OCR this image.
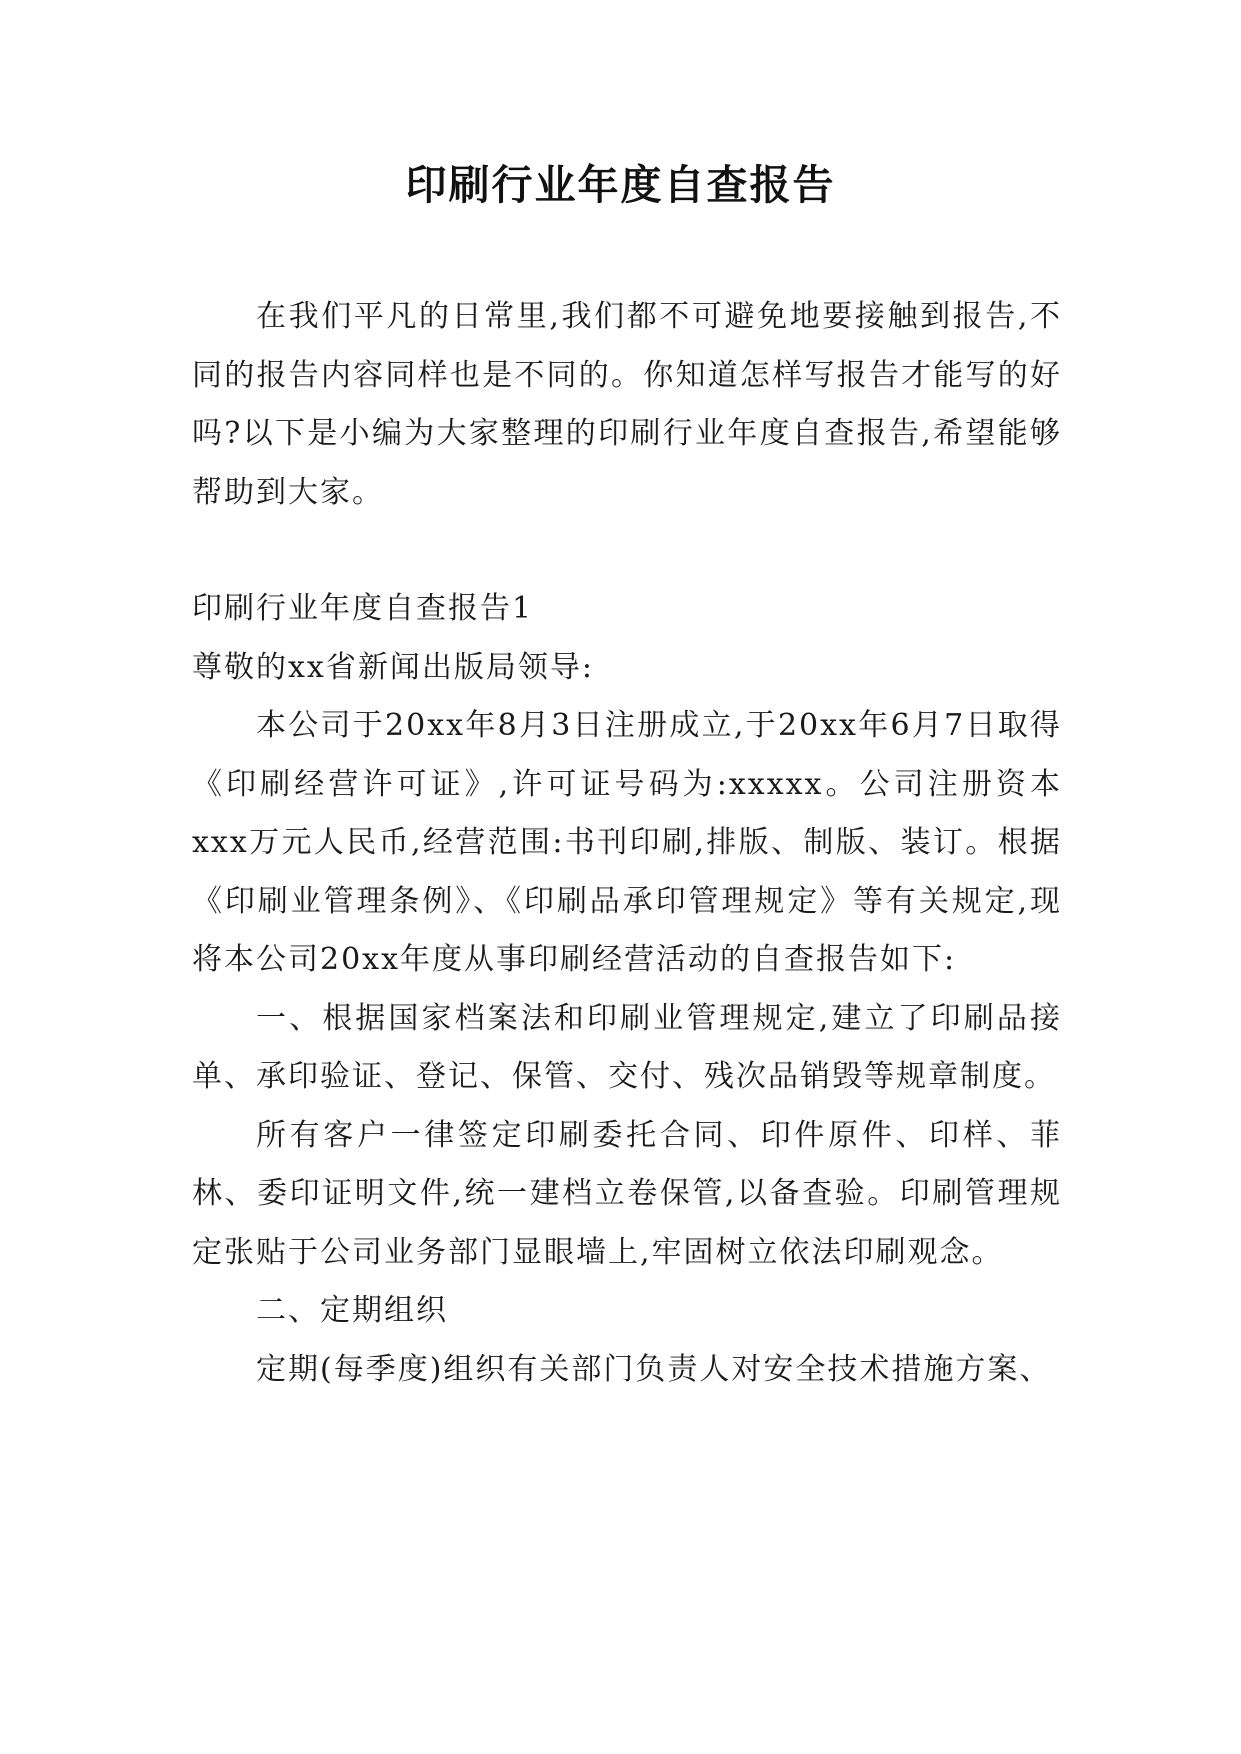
印刷行业年度自查报告

在我们平凡的日常里,我们都不可避免地要接触到报告,不同的报告内容同样也是不同的。你知道怎样写报告才能写的好吗?以下是小编为大家整理的印刷行业年度自查报告,希望能够帮助到大家。

印刷行业年度自查报告1

尊敬的xx省新闻出版局领导:

本公司于20xx年8月3日注册成立,于20xx年6月7日取得《印刷经营许可证》,许可证号码为:xxxxx。公司注册资本xxx万元人民币,经营范围:书刊印刷,排版、制版、装订。根据《印刷业管理条例》、《印刷品承印管理规定》等有关规定,现将本公司20xx年度从事印刷经营活动的自查报告如下:

一、根据国家档案法和印刷业管理规定,建立了印刷品接单、承印验证、登记、保管、交付、残次品销毁等规章制度。

所有客户一律签定印刷委托合同、印件原件、印样、菲林、委印证明文件,统一建档立卷保管,以备查验。印刷管理规定张贴于公司业务部门显眼墙上,牢固树立依法印刷观念。

二、定期组织

定期(每季度)组织有关部门负责人对安全技术措施方案、
